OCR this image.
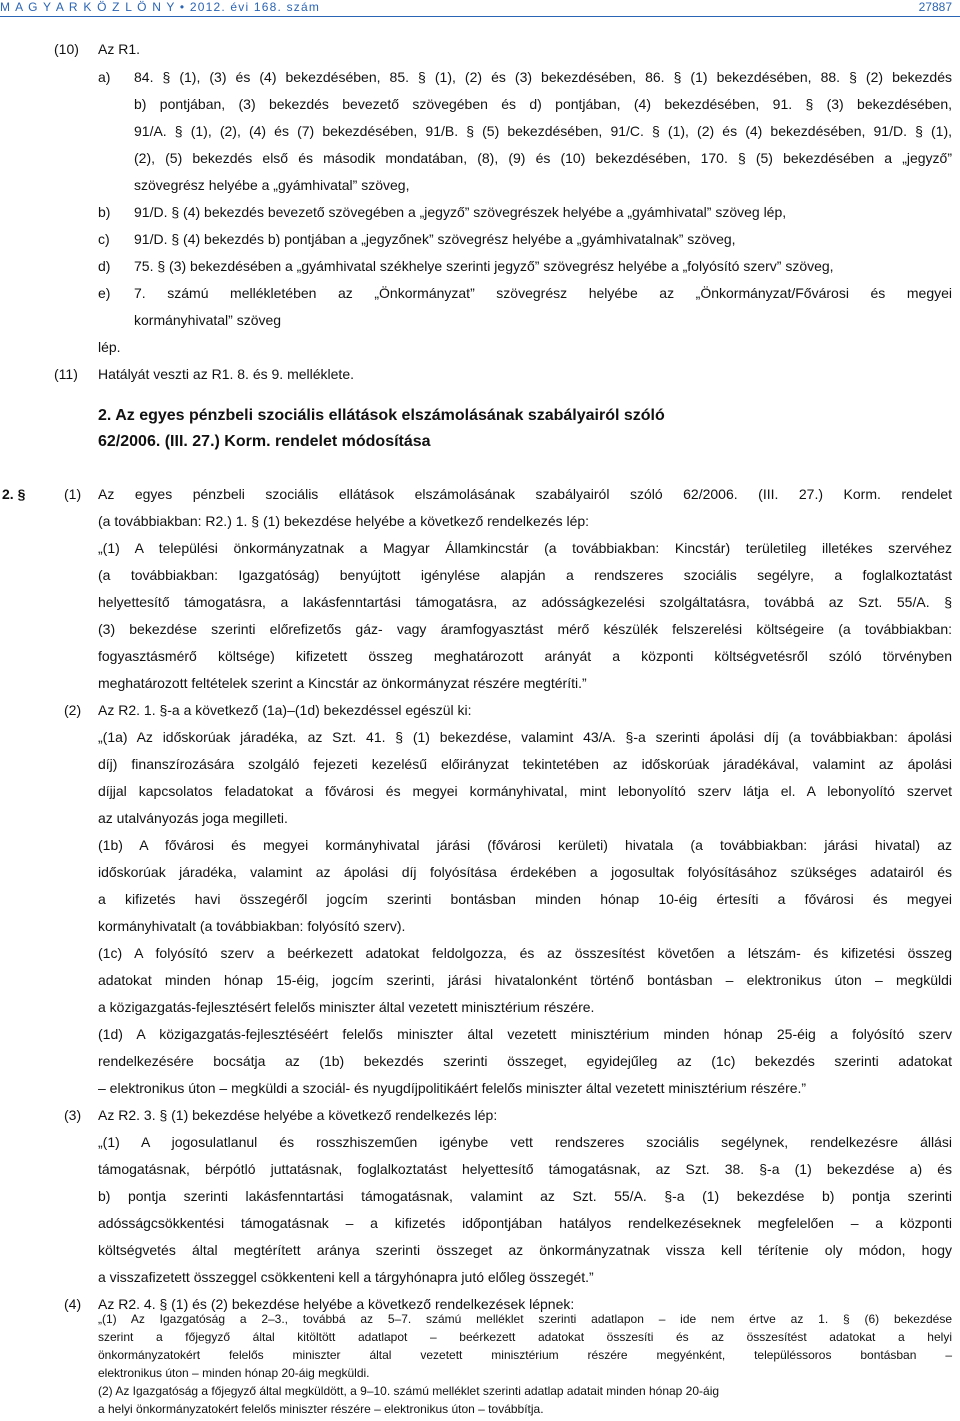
M A G Y A R K Ö Z L Ö N Y • 2012. évi 168. szám	27887
(10) Az R1.
a) 84. § (1), (3) és (4) bekezdésében, 85. § (1), (2) és (3) bekezdésében, 86. § (1) bekezdésében, 88. § (2) bekezdés
b) pontjában, (3) bekezdés bevezető szövegében és d) pontjában, (4) bekezdésében, 91. § (3) bekezdésében,
91/A. § (1), (2), (4) és (7) bekezdésében, 91/B. § (5) bekezdésében, 91/C. § (1), (2) és (4) bekezdésében, 91/D. § (1),
(2), (5) bekezdés első és második mondatában, (8), (9) és (10) bekezdésében, 170. § (5) bekezdésében a „jegyző”
szövegrész helyébe a „gyámhivatal” szöveg,
b) 91/D. § (4) bekezdés bevezető szövegében a „jegyző” szövegrészek helyébe a „gyámhivatal” szöveg lép,
c) 91/D. § (4) bekezdés b) pontjában a „jegyzőnek” szövegrész helyébe a „gyámhivatalnak” szöveg,
d) 75. § (3) bekezdésében a „gyámhivatal székhelye szerinti jegyző” szövegrész helyébe a „folyósító szerv” szöveg,
e) 7. számú mellékletében az „Önkormányzat” szövegrész helyébe az „Önkormányzat/Fővárosi és megyei
kormányhivatal” szöveg
lép.
(11) Hatályát veszti az R1. 8. és 9. melléklete.
2. Az egyes pénzbeli szociális ellátások elszámolásának szabályairól szóló
62/2006. (III. 27.) Korm. rendelet módosítása
2. §	(1) Az egyes pénzbeli szociális ellátások elszámolásának szabályairól szóló 62/2006. (III. 27.) Korm. rendelet
(a továbbiakban: R2.) 1. § (1) bekezdése helyébe a következő rendelkezés lép:
„(1) A települési önkormányzatnak a Magyar Államkincstár (a továbbiakban: Kincstár) területileg illetékes szervéhez
(a továbbiakban: Igazgatóság) benyújtott igénylése alapján a rendszeres szociális segélyre, a foglalkoztatást
helyettesítő támogatásra, a lakásfenntartási támogatásra, az adósságkezelési szolgáltatásra, továbbá az Szt. 55/A. §
(3) bekezdése szerinti előrefizetős gáz- vagy áramfogyasztást mérő készülék felszerelési költségeire (a továbbiakban:
fogyasztásmérő költsége) kifizetett összeg meghatározott arányát a központi költségvetésről szóló törvényben
meghatározott feltételek szerint a Kincstár az önkormányzat részére megtéríti.”
(2) Az R2. 1. §-a a következő (1a)–(1d) bekezdéssel egészül ki:
„(1a) Az időskorúak járadéka, az Szt. 41. § (1) bekezdése, valamint 43/A. §-a szerinti ápolási díj (a továbbiakban: ápolási
díj) finanszírozására szolgáló fejezeti kezelésű előirányzat tekintetében az időskorúak járadékával, valamint az ápolási
díjjal kapcsolatos feladatokat a fővárosi és megyei kormányhivatal, mint lebonyolító szerv látja el. A lebonyolító szervet
az utalványozás joga megilleti.
(1b) A fővárosi és megyei kormányhivatal járási (fővárosi kerületi) hivatala (a továbbiakban: járási hivatal) az
időskorúak járadéka, valamint az ápolási díj folyósítása érdekében a jogosultak folyósításához szükséges adatairól és
a kifizetés havi összegéről jogcím szerinti bontásban minden hónap 10-éig értesíti a fővárosi és megyei
kormányhivatalt (a továbbiakban: folyósító szerv).
(1c) A folyósító szerv a beérkezett adatokat feldolgozza, és az összesítést követően a létszám- és kifizetési összeg
adatokat minden hónap 15-éig, jogcím szerinti, járási hivatalonként történő bontásban – elektronikus úton – megküldi
a közigazgatás-fejlesztésért felelős miniszter által vezetett minisztérium részére.
(1d) A közigazgatás-fejlesztéséért felelős miniszter által vezetett minisztérium minden hónap 25-éig a folyósító szerv
rendelkezésére bocsátja az (1b) bekezdés szerinti összeget, egyidejűleg az (1c) bekezdés szerinti adatokat
– elektronikus úton – megküldi a szociál- és nyugdíjpolitikáért felelős miniszter által vezetett minisztérium részére.”
(3) Az R2. 3. § (1) bekezdése helyébe a következő rendelkezés lép:
„(1) A jogosulatlanul és rosszhiszeműen igénybe vett rendszeres szociális segélynek, rendelkezésre állási
támogatásnak, bérpótló juttatásnak, foglalkoztatást helyettesítő támogatásnak, az Szt. 38. §-a (1) bekezdése a) és
b) pontja szerinti lakásfenntartási támogatásnak, valamint az Szt. 55/A. §-a (1) bekezdése b) pontja szerinti
adósságcsökkentési támogatásnak – a kifizetés időpontjában hatályos rendelkezéseknek megfelelően – a központi
költségvetés által megtérített aránya szerinti összeget az önkormányzatnak vissza kell térítenie oly módon, hogy
a visszafizetett összeggel csökkenteni kell a tárgyhónapra jutó előleg összegét.”
(4) Az R2. 4. § (1) és (2) bekezdése helyébe a következő rendelkezések lépnek:
„(1) Az Igazgatóság a 2–3., továbbá az 5–7. számú melléklet szerinti adatlapon – ide nem értve az 1. § (6) bekezdése
szerint a főjegyző által kitöltött adatlapot – beérkezett adatokat összesíti és az összesítést adatokat a helyi
önkormányzatokért felelős miniszter által vezetett minisztérium részére megyénként, településsoros bontásban –
elektronikus úton – minden hónap 20-áig megküldi.
(2) Az Igazgatóság a főjegyző által megküldött, a 9–10. számú melléklet szerinti adatlap adatait minden hónap 20-áig
a helyi önkormányzatokért felelős miniszter részére – elektronikus úton – továbbítja.
